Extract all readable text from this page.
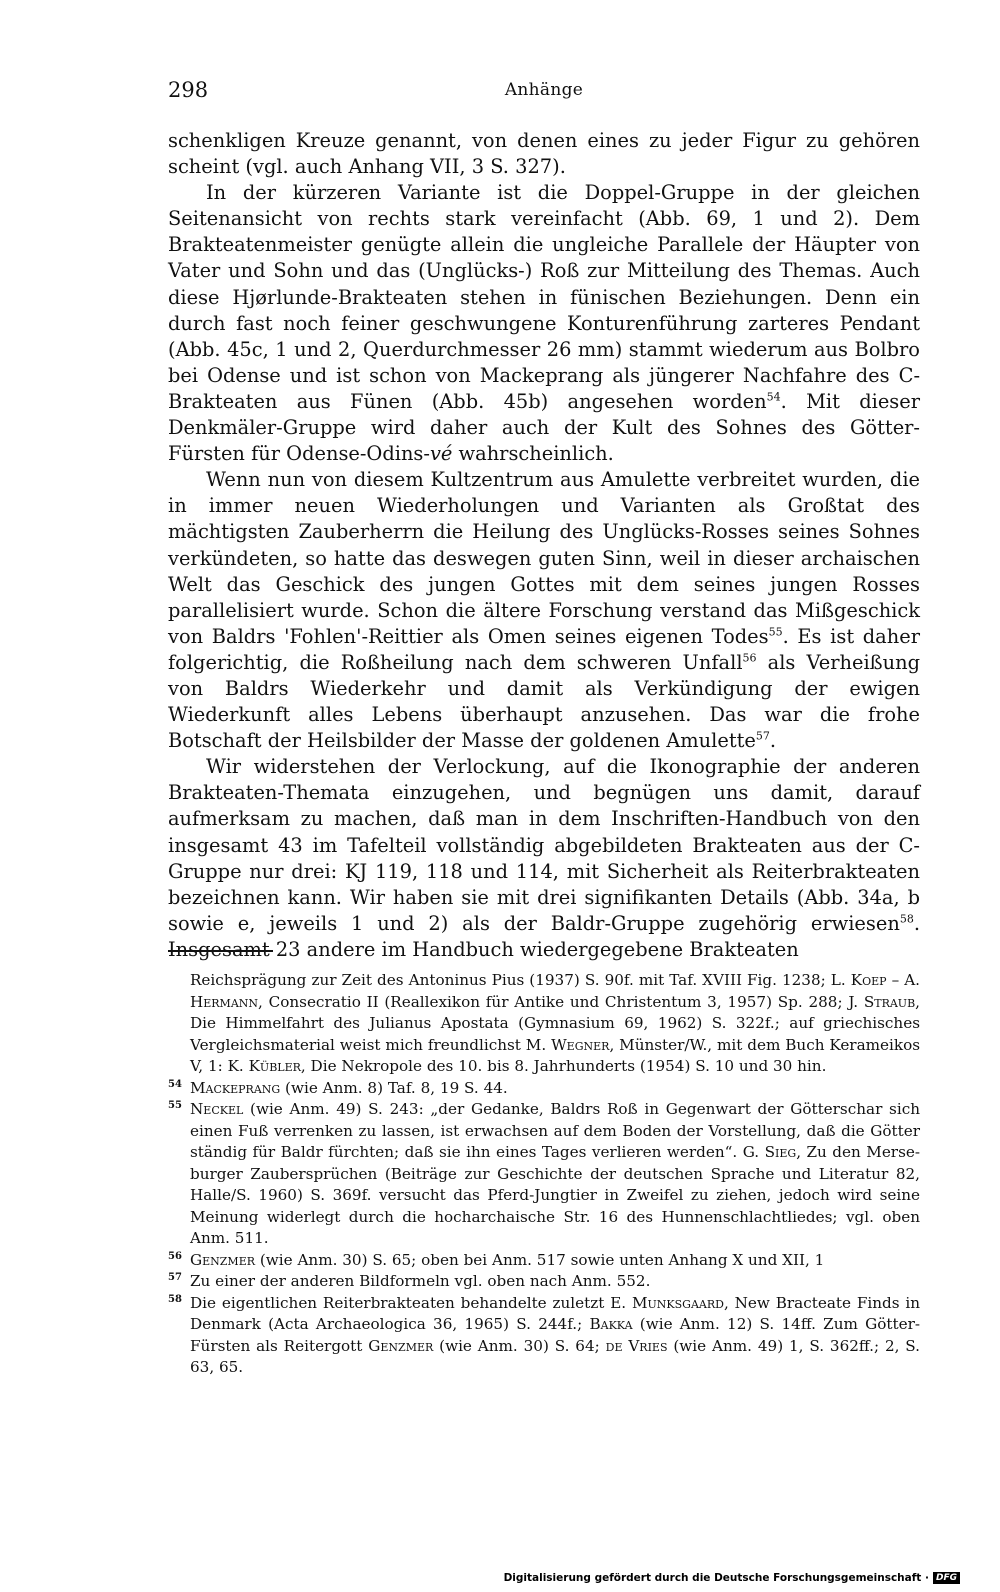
298	Anhänge

schenkligen Kreuze genannt, von denen eines zu jeder Figur zu gehören scheint (vgl. auch Anhang VII, 3 S. 327).

In der kürzeren Variante ist die Doppel-Gruppe in der gleichen Seitenansicht von rechts stark vereinfacht (Abb. 69, 1 und 2). Dem Brakteatenmeister genügte allein die ungleiche Parallele der Häupter von Vater und Sohn und das (Unglücks-) Roß zur Mitteilung des Themas. Auch diese Hjørlunde-Brakteaten stehen in fünischen Beziehungen. Denn ein durch fast noch feiner geschwungene Konturenführung zarteres Pendant (Abb. 45c, 1 und 2, Querdurchmesser 26 mm) stammt wiederum aus Bolbro bei Odense und ist schon von Mackeprang als jüngerer Nachfahre des C-Brakteaten aus Fünen (Abb. 45b) angesehen worden$^{54}$. Mit dieser Denkmäler-Gruppe wird daher auch der Kult des Sohnes des Götter-Fürsten für Odense-Odins-vé wahrscheinlich.

Wenn nun von diesem Kultzentrum aus Amulette verbreitet wurden, die in immer neuen Wiederholungen und Varianten als Großtat des mächtigsten Zauberherrn die Heilung des Unglücks-Rosses seines Sohnes verkündeten, so hatte das deswegen guten Sinn, weil in dieser archaischen Welt das Geschick des jungen Gottes mit dem seines jungen Rosses parallelisiert wurde. Schon die ältere Forschung verstand das Mißgeschick von Baldrs 'Fohlen'-Reittier als Omen seines eigenen Todes$^{55}$. Es ist daher folgerichtig, die Roßheilung nach dem schweren Unfall$^{56}$ als Verheißung von Baldrs Wiederkehr und damit als Verkündigung der ewigen Wiederkunft alles Lebens überhaupt anzusehen. Das war die frohe Botschaft der Heilsbilder der Masse der goldenen Amulette$^{57}$.

Wir widerstehen der Verlockung, auf die Ikonographie der anderen Brakteaten-Themata einzugehen, und begnügen uns damit, darauf aufmerksam zu machen, daß man in dem Inschriften-Handbuch von den insgesamt 43 im Tafelteil vollständig abgebildeten Brakteaten aus der C-Gruppe nur drei: KJ 119, 118 und 114, mit Sicherheit als Reiterbrakteaten bezeichnen kann. Wir haben sie mit drei signifikanten Details (Abb. 34a, b sowie e, jeweils 1 und 2) als der Baldr-Gruppe zugehörig erwiesen$^{58}$. Insgesamt 23 andere im Handbuch wiedergegebene Brakteaten

Reichsprägung zur Zeit des Antoninus Pius (1937) S. 90f. mit Taf. XVIII Fig. 1238; L. Koep – A. Hermann, Consecratio II (Reallexikon für Antike und Christentum 3, 1957) Sp. 288; J. Straub, Die Himmelfahrt des Julianus Apostata (Gymnasium 69, 1962) S. 322f.; auf griechisches Vergleichsmaterial weist mich freundlichst M. Wegner, Münster/W., mit dem Buch Kerameikos V, 1: K. Kübler, Die Nekropole des 10. bis 8. Jahrhunderts (1954) S. 10 und 30 hin.

54 Mackeprang (wie Anm. 8) Taf. 8, 19 S. 44.

55 Neckel (wie Anm. 49) S. 243: „der Gedanke, Baldrs Roß in Gegenwart der Götterschar sich einen Fuß verrenken zu lassen, ist erwachsen auf dem Boden der Vorstellung, daß die Götter ständig für Baldr fürchten; daß sie ihn eines Tages verlieren werden“. G. Sieg, Zu den Merseburger Zaubersprüchen (Beiträge zur Geschichte der deutschen Sprache und Literatur 82, Halle/S. 1960) S. 369f. versucht das Pferd-Jungtier in Zweifel zu ziehen, jedoch wird seine Meinung widerlegt durch die hocharchaische Str. 16 des Hunnenschlachtliedes; vgl. oben Anm. 511.

56 Genzmer (wie Anm. 30) S. 65; oben bei Anm. 517 sowie unten Anhang X und XII, 1

57 Zu einer der anderen Bildformeln vgl. oben nach Anm. 552.

58 Die eigentlichen Reiterbrakteaten behandelte zuletzt E. Munksgaard, New Bracteate Finds in Denmark (Acta Archaeologica 36, 1965) S. 244f.; Bakka (wie Anm. 12) S. 14ff. Zum Götter-Fürsten als Reitergott Genzmer (wie Anm. 30) S. 64; de Vries (wie Anm. 49) 1, S. 362ff.; 2, S. 63, 65.

Digitalisierung gefördert durch die Deutsche Forschungsgemeinschaft · DFG
